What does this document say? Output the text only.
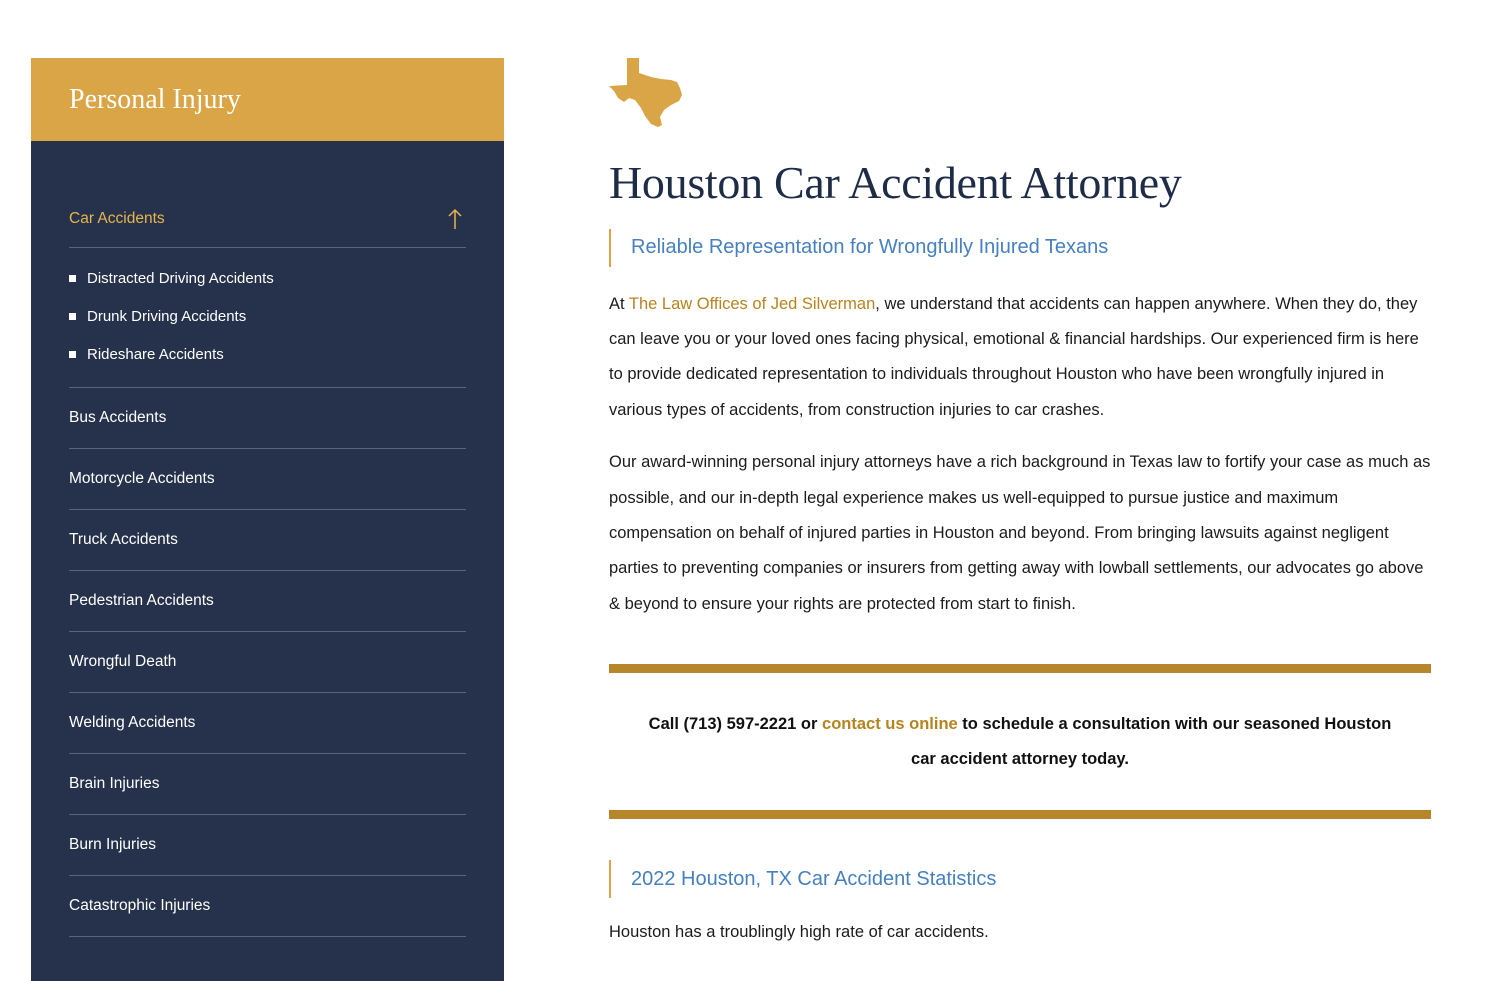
Personal Injury
Car Accidents
Distracted Driving Accidents
Drunk Driving Accidents
Rideshare Accidents
Bus Accidents
Motorcycle Accidents
Truck Accidents
Pedestrian Accidents
Wrongful Death
Welding Accidents
Brain Injuries
Burn Injuries
Catastrophic Injuries
Houston Car Accident Attorney
Reliable Representation for Wrongfully Injured Texans

At The Law Offices of Jed Silverman, we understand that accidents can happen anywhere. When they do, they can leave you or your loved ones facing physical, emotional & financial hardships. Our experienced firm is here to provide dedicated representation to individuals throughout Houston who have been wrongfully injured in various types of accidents, from construction injuries to car crashes.

Our award-winning personal injury attorneys have a rich background in Texas law to fortify your case as much as possible, and our in-depth legal experience makes us well-equipped to pursue justice and maximum compensation on behalf of injured parties in Houston and beyond. From bringing lawsuits against negligent parties to preventing companies or insurers from getting away with lowball settlements, our advocates go above & beyond to ensure your rights are protected from start to finish.

Call (713) 597-2221 or contact us online to schedule a consultation with our seasoned Houston car accident attorney today.

2022 Houston, TX Car Accident Statistics

Houston has a troublingly high rate of car accidents.
